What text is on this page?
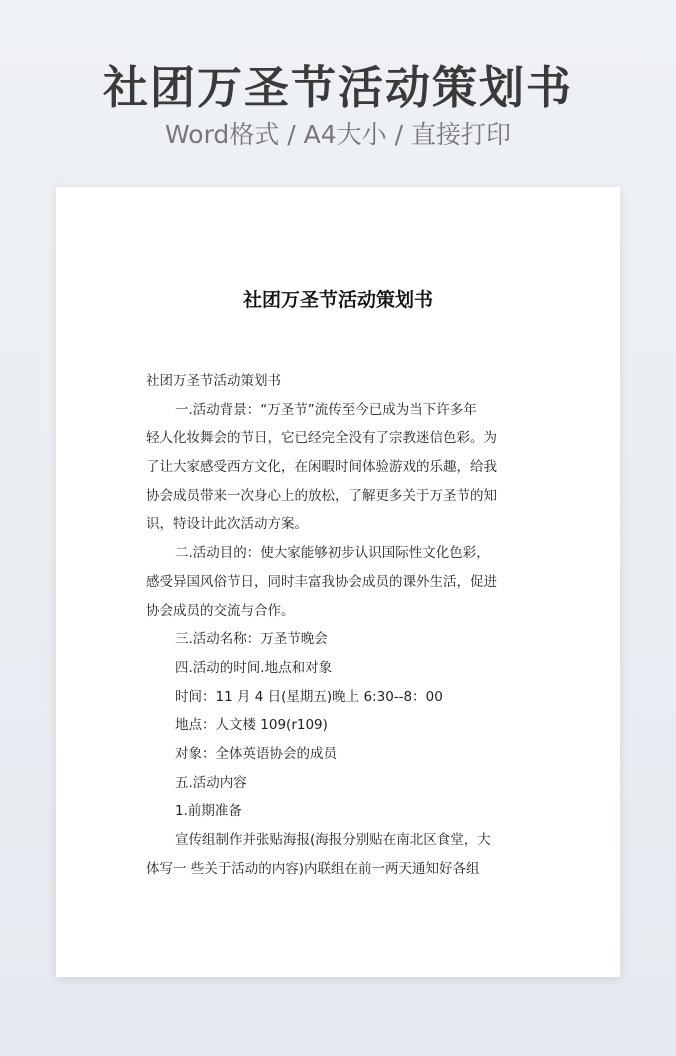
社团万圣节活动策划书
Word格式 / A4大小 / 直接打印
社团万圣节活动策划书
社团万圣节活动策划书
一.活动背景：“万圣节”流传至今已成为当下许多年
轻人化妆舞会的节日，它已经完全没有了宗教迷信色彩。为
了让大家感受西方文化，在闲暇时间体验游戏的乐趣，给我
协会成员带来一次身心上的放松，了解更多关于万圣节的知
识，特设计此次活动方案。
二.活动目的：使大家能够初步认识国际性文化色彩，
感受异国风俗节日，同时丰富我协会成员的课外生活，促进
协会成员的交流与合作。
三.活动名称：万圣节晚会
四.活动的时间.地点和对象
时间：11 月 4 日(星期五)晚上 6:30--8：00
地点：人文楼 109(r109)
对象：全体英语协会的成员
五.活动内容
1.前期准备
宣传组制作并张贴海报(海报分别贴在南北区食堂，大
体写一 些关于活动的内容)内联组在前一两天通知好各组
